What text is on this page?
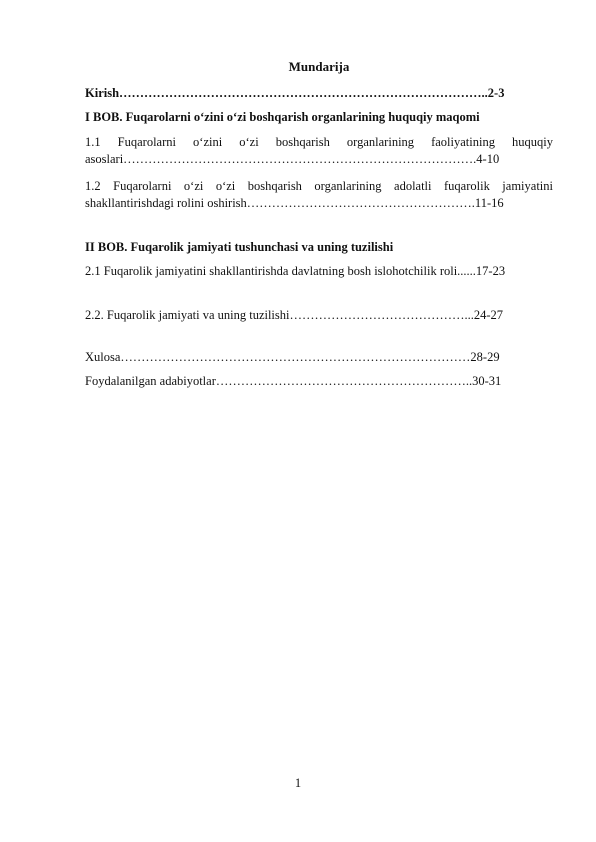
Mundarija
Kirish……………………………………………………………………………..2-3
I BOB. Fuqarolarni o‘zini o‘zi boshqarish organlarining huquqiy maqomi
1.1 Fuqarolarni o‘zini o‘zi boshqarish organlarining faoliyatining huquqiy asoslari………………………………………………………………………….4-10
1.2 Fuqarolarni o‘zi o‘zi boshqarish organlarining adolatli fuqarolik jamiyatini shakllantirishdagi rolini oshirish……………………………………………….11-16
II BOB. Fuqarolik jamiyati tushunchasi va uning tuzilishi
2.1 Fuqarolik jamiyatini shakllantirishda davlatning bosh islohotchilik roli......17-23
2.2. Fuqarolik jamiyati va uning tuzilishi……………………………………...24-27
Xulosa…………………………………………………………………………28-29
Foydalanilgan adabiyotlar……………………………………………………..30-31
1
